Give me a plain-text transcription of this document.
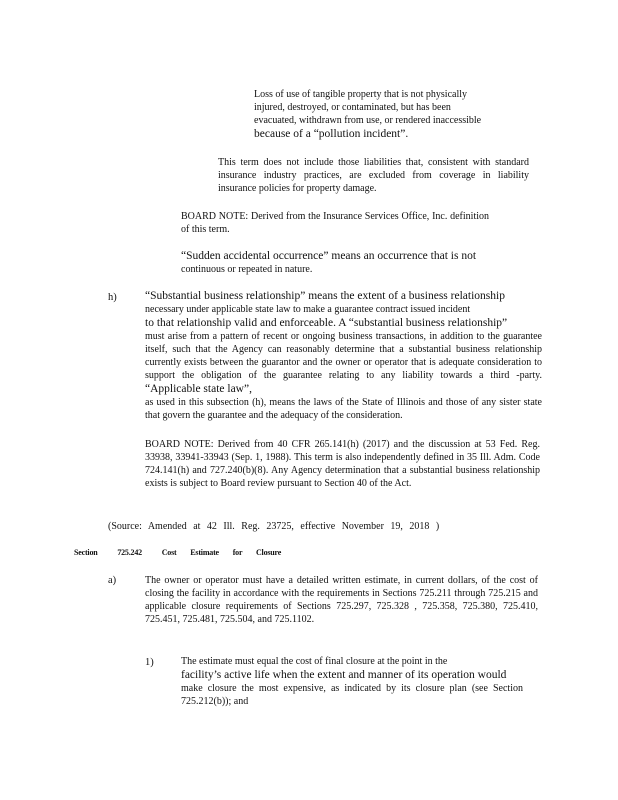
Loss of use of tangible property that is not physically
injured, destroyed, or contaminated, but has been
evacuated, withdrawn from use, or rendered inaccessible
because of a “pollution incident”.
This term does not include those liabilities that, consistent with standard insurance industry practices, are excluded from coverage in liability insurance policies for property damage.
BOARD NOTE: Derived from the Insurance Services Office, Inc. definition of this term.
“Sudden accidental occurrence” means an occurrence that is not
continuous or repeated in nature.
h) “Substantial business relationship” means the extent of a business relationship
necessary under applicable state law to make a guarantee contract issued incident
to that relationship valid and enforceable. A “substantial business relationship”
must arise from a pattern of recent or ongoing business transactions, in addition to the guarantee itself, such that the Agency can reasonably determine that a substantial business relationship currently exists between the guarantor and the owner or operator that is adequate consideration to support the obligation of the guarantee relating to any liability towards a third -party. “Applicable state law”,
as used in this subsection (h), means the laws of the State of Illinois and those of any sister state that govern the guarantee and the adequacy of the consideration.
BOARD NOTE: Derived from 40 CFR 265.141(h) (2017) and the discussion at 53 Fed. Reg. 33938, 33941-33943 (Sep. 1, 1988). This term is also independently defined in 35 Ill. Adm. Code 724.141(h) and 727.240(b)(8). Any Agency determination that a substantial business relationship exists is subject to Board review pursuant to Section 40 of the Act.
(Source: Amended at 42 Ill. Reg. 23725, effective November 19, 2018 )
Section 725.242 Cost Estimate for Closure
a)	The owner or operator must have a detailed written estimate, in current dollars, of the cost of closing the facility in accordance with the requirements in Sections 725.211 through 725.215 and applicable closure requirements of Sections 725.297, 725.328 , 725.358, 725.380, 725.410, 725.451, 725.481, 725.504, and 725.1102.
1)	The estimate must equal the cost of final closure at the point in the
facility’s active life when the extent and manner of its operation would
make closure the most expensive, as indicated by its closure plan (see Section 725.212(b)); and
